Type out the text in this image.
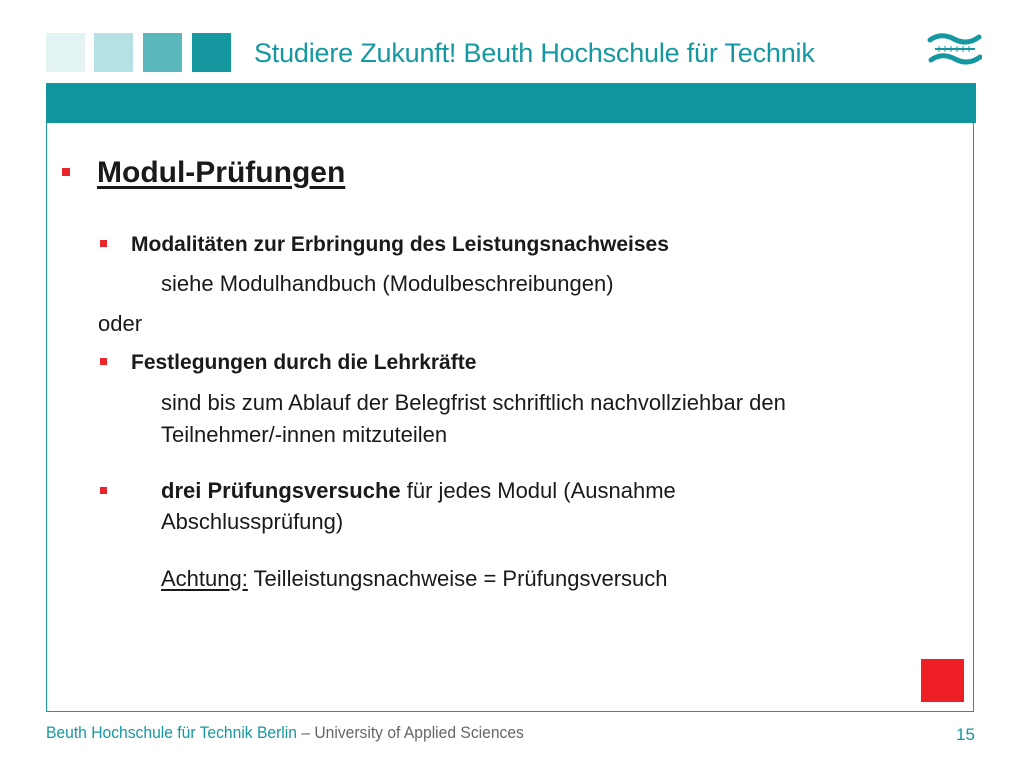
Studiere Zukunft! Beuth Hochschule für Technik
Modul-Prüfungen
Modalitäten zur Erbringung des Leistungsnachweises
siehe Modulhandbuch (Modulbeschreibungen)
oder
Festlegungen durch die Lehrkräfte
sind bis zum Ablauf der Belegfrist schriftlich nachvollziehbar den
Teilnehmer/-innen mitzuteilen
drei Prüfungsversuche für jedes Modul (Ausnahme
Abschlussprüfung)
Achtung: Teilleistungsnachweise = Prüfungsversuch
Beuth Hochschule für Technik Berlin – University of Applied Sciences	15
